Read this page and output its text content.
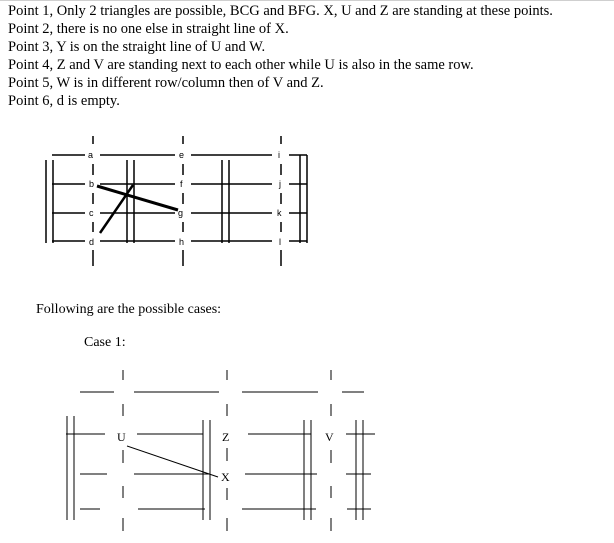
Point 1, Only 2 triangles are possible, BCG and BFG. X, U and Z are standing at these points.
Point 2, there is no one else in straight line of X.
Point 3, Y is on the straight line of U and W.
Point 4, Z and V are standing next to each other while U is also in the same row.
Point 5, W is in different row/column then of V and Z.
Point 6, d is empty.
a
b
c
d
e
f
g
h
i
j
k
l
Following are the possible cases:
Case 1:
U	Z
X
V
